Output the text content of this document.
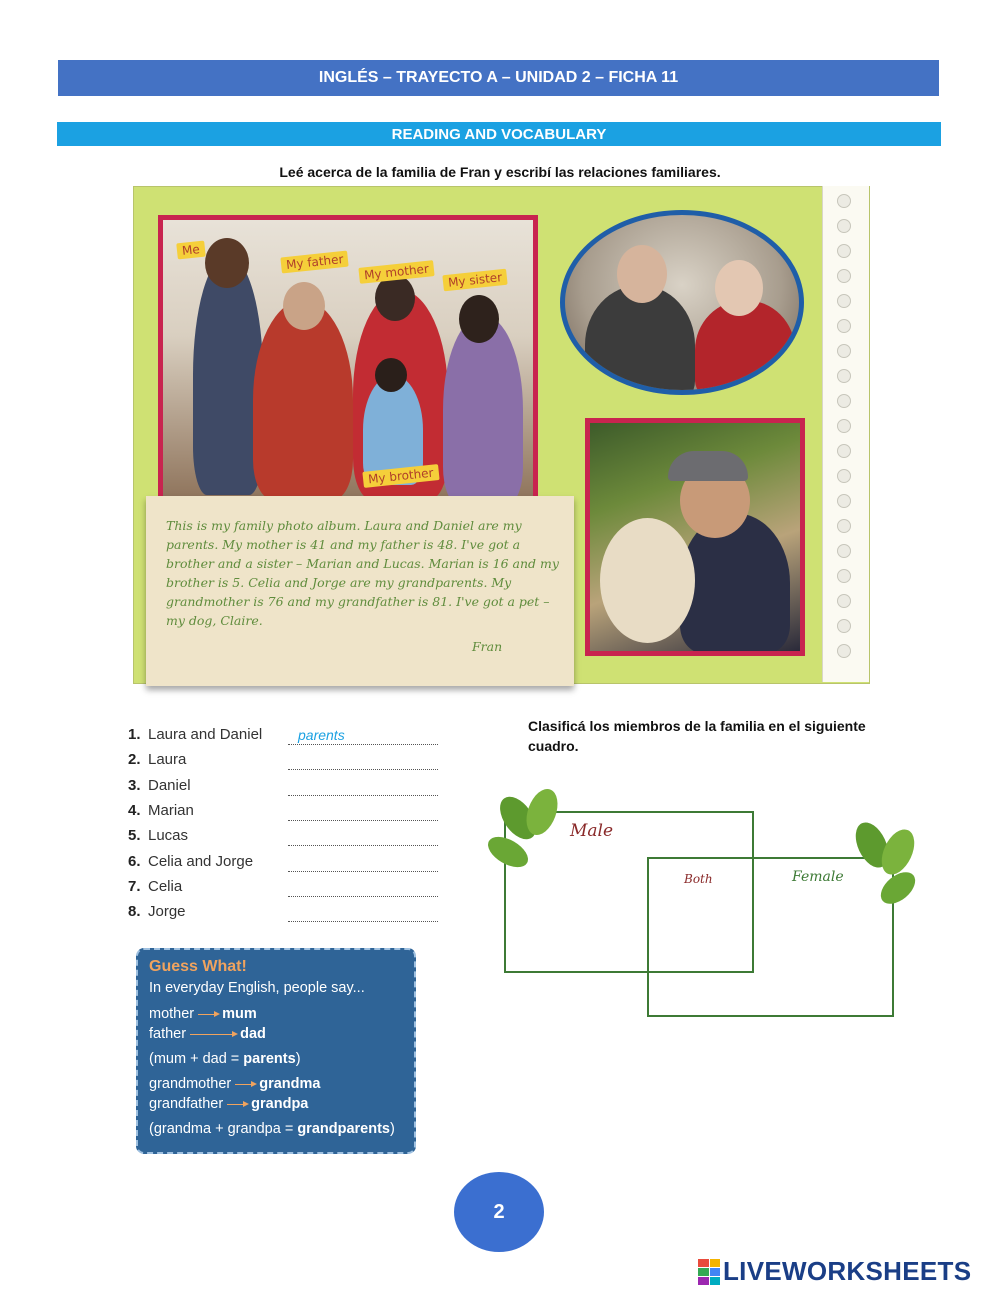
INGLÉS – TRAYECTO A – UNIDAD 2 – FICHA 11
READING AND VOCABULARY
Leé acerca de la familia de Fran y escribí las relaciones familiares.
Me
My father	My mother	My sister
My brother
This is my family photo album. Laura and Daniel are my parents. My mother is 41 and my father is 48. I've got a brother and a sister – Marian and Lucas. Marian is 16 and my brother is 5. Celia and Jorge are my grandparents. My grandmother is 76 and my grandfather is 81. I've got a pet – my dog, Claire.
Fran
1. Laura and Daniel	parents
2. Laura
3. Daniel
4. Marian
5. Lucas
6. Celia and Jorge
7. Celia
8. Jorge
Clasificá los miembros de la familia en el siguiente cuadro.
Male
Both	Female
Guess What!
In everyday English, people say...
mother mum
father	dad
(mum + dad = parents)
grandmother grandma
grandfather grandpa
(grandma + grandpa = grandparents)
2
LIVEWORKSHEETS
